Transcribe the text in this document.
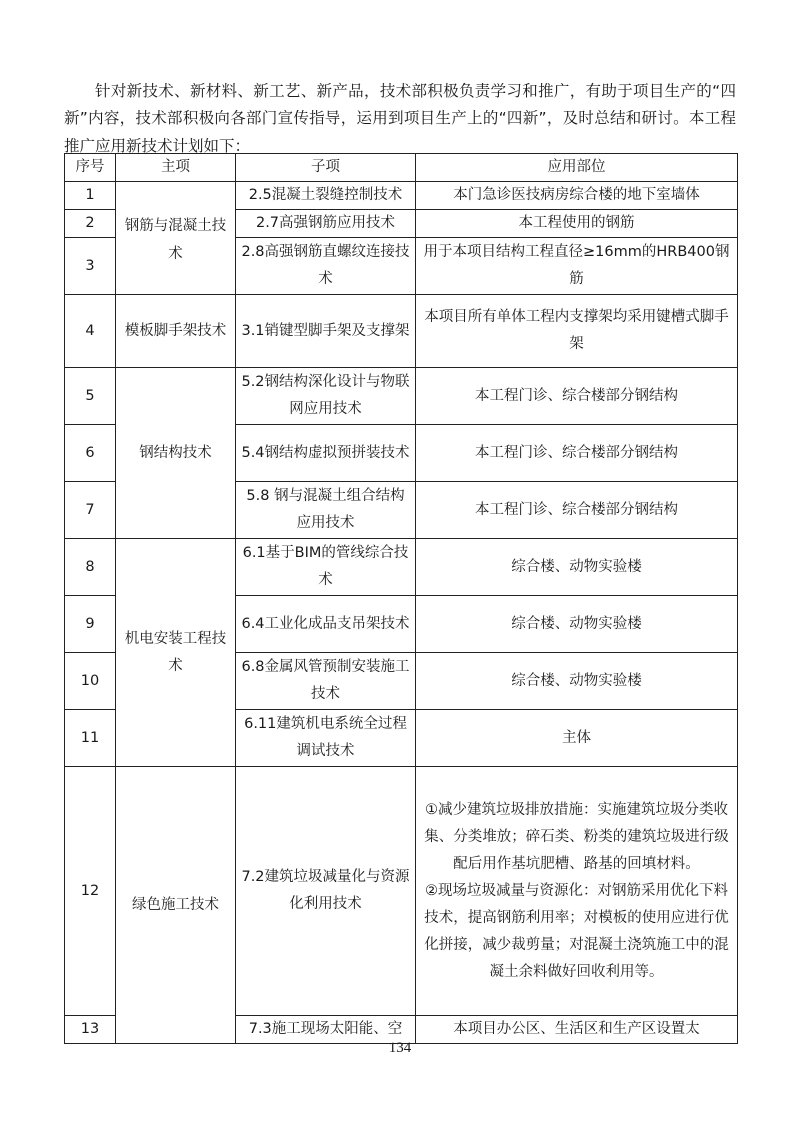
针对新技术、新材料、新工艺、新产品，技术部积极负责学习和推广，有助于项目生产的“四新”内容，技术部积极向各部门宣传指导，运用到项目生产上的“四新”，及时总结和研讨。本工程推广应用新技术计划如下：

序号	主项	子项	应用部位
1	钢筋与混凝土技术	2.5混凝土裂缝控制技术	本门急诊医技病房综合楼的地下室墙体
2		2.7高强钢筋应用技术	本工程使用的钢筋
3		2.8高强钢筋直螺纹连接技术	用于本项目结构工程直径≥16mm的HRB400钢筋
4	模板脚手架技术	3.1销键型脚手架及支撑架	本项目所有单体工程内支撑架均采用键槽式脚手架
5	钢结构技术	5.2钢结构深化设计与物联网应用技术	本工程门诊、综合楼部分钢结构
6		5.4钢结构虚拟预拼装技术	本工程门诊、综合楼部分钢结构
7		5.8 钢与混凝土组合结构应用技术	本工程门诊、综合楼部分钢结构
8	机电安装工程技术	6.1基于BIM的管线综合技术	综合楼、动物实验楼
9		6.4工业化成品支吊架技术	综合楼、动物实验楼
10		6.8金属风管预制安装施工技术	综合楼、动物实验楼
11		6.11建筑机电系统全过程调试技术	主体
12	绿色施工技术	7.2建筑垃圾减量化与资源化利用技术	①减少建筑垃圾排放措施：实施建筑垃圾分类收集、分类堆放；碎石类、粉类的建筑垃圾进行级配后用作基坑肥槽、路基的回填材料。
②现场垃圾减量与资源化：对钢筋采用优化下料技术，提高钢筋利用率；对模板的使用应进行优化拼接，减少裁剪量；对混凝土浇筑施工中的混凝土余料做好回收利用等。

13		7.3施工现场太阳能、空	本项目办公区、生活区和生产区设置太
134
